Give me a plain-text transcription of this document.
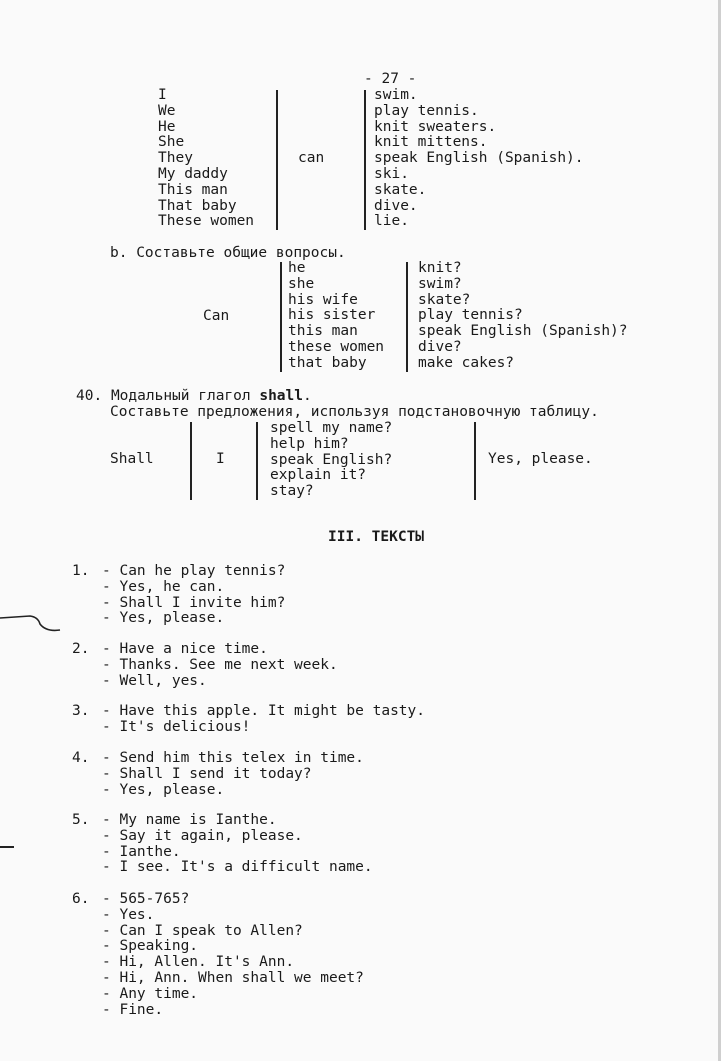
- 27 -
I
We
He
She
They
My daddy
This man
That baby
These women
can
swim.
play tennis.
knit sweaters.
knit mittens.
speak English (Spanish).
ski.
skate.
dive.
lie.
b. Составьте общие вопросы.
Can
he
she
his wife
his sister
this man
these women
that baby
knit?
swim?
skate?
play tennis?
speak English (Spanish)?
dive?
make cakes?
40. Модальный глагол shall.
Составьте предложения, используя подстановочную таблицу.
Shall	I
spell my name?
help him?
speak English?
explain it?
stay?
Yes, please.
III. ТЕКСТЫ
1. - Can he play tennis?
- Yes, he can.
- Shall I invite him?
- Yes, please.
2. - Have a nice time.
- Thanks. See me next week.
- Well, yes.
3. - Have this apple. It might be tasty.
- It's delicious!
4. - Send him this telex in time.
- Shall I send it today?
- Yes, please.
5. - My name is Ianthe.
- Say it again, please.
- Ianthe.
- I see. It's a difficult name.
6. - 565-765?
- Yes.
- Can I speak to Allen?
- Speaking.
- Hi, Allen. It's Ann.
- Hi, Ann. When shall we meet?
- Any time.
- Fine.
